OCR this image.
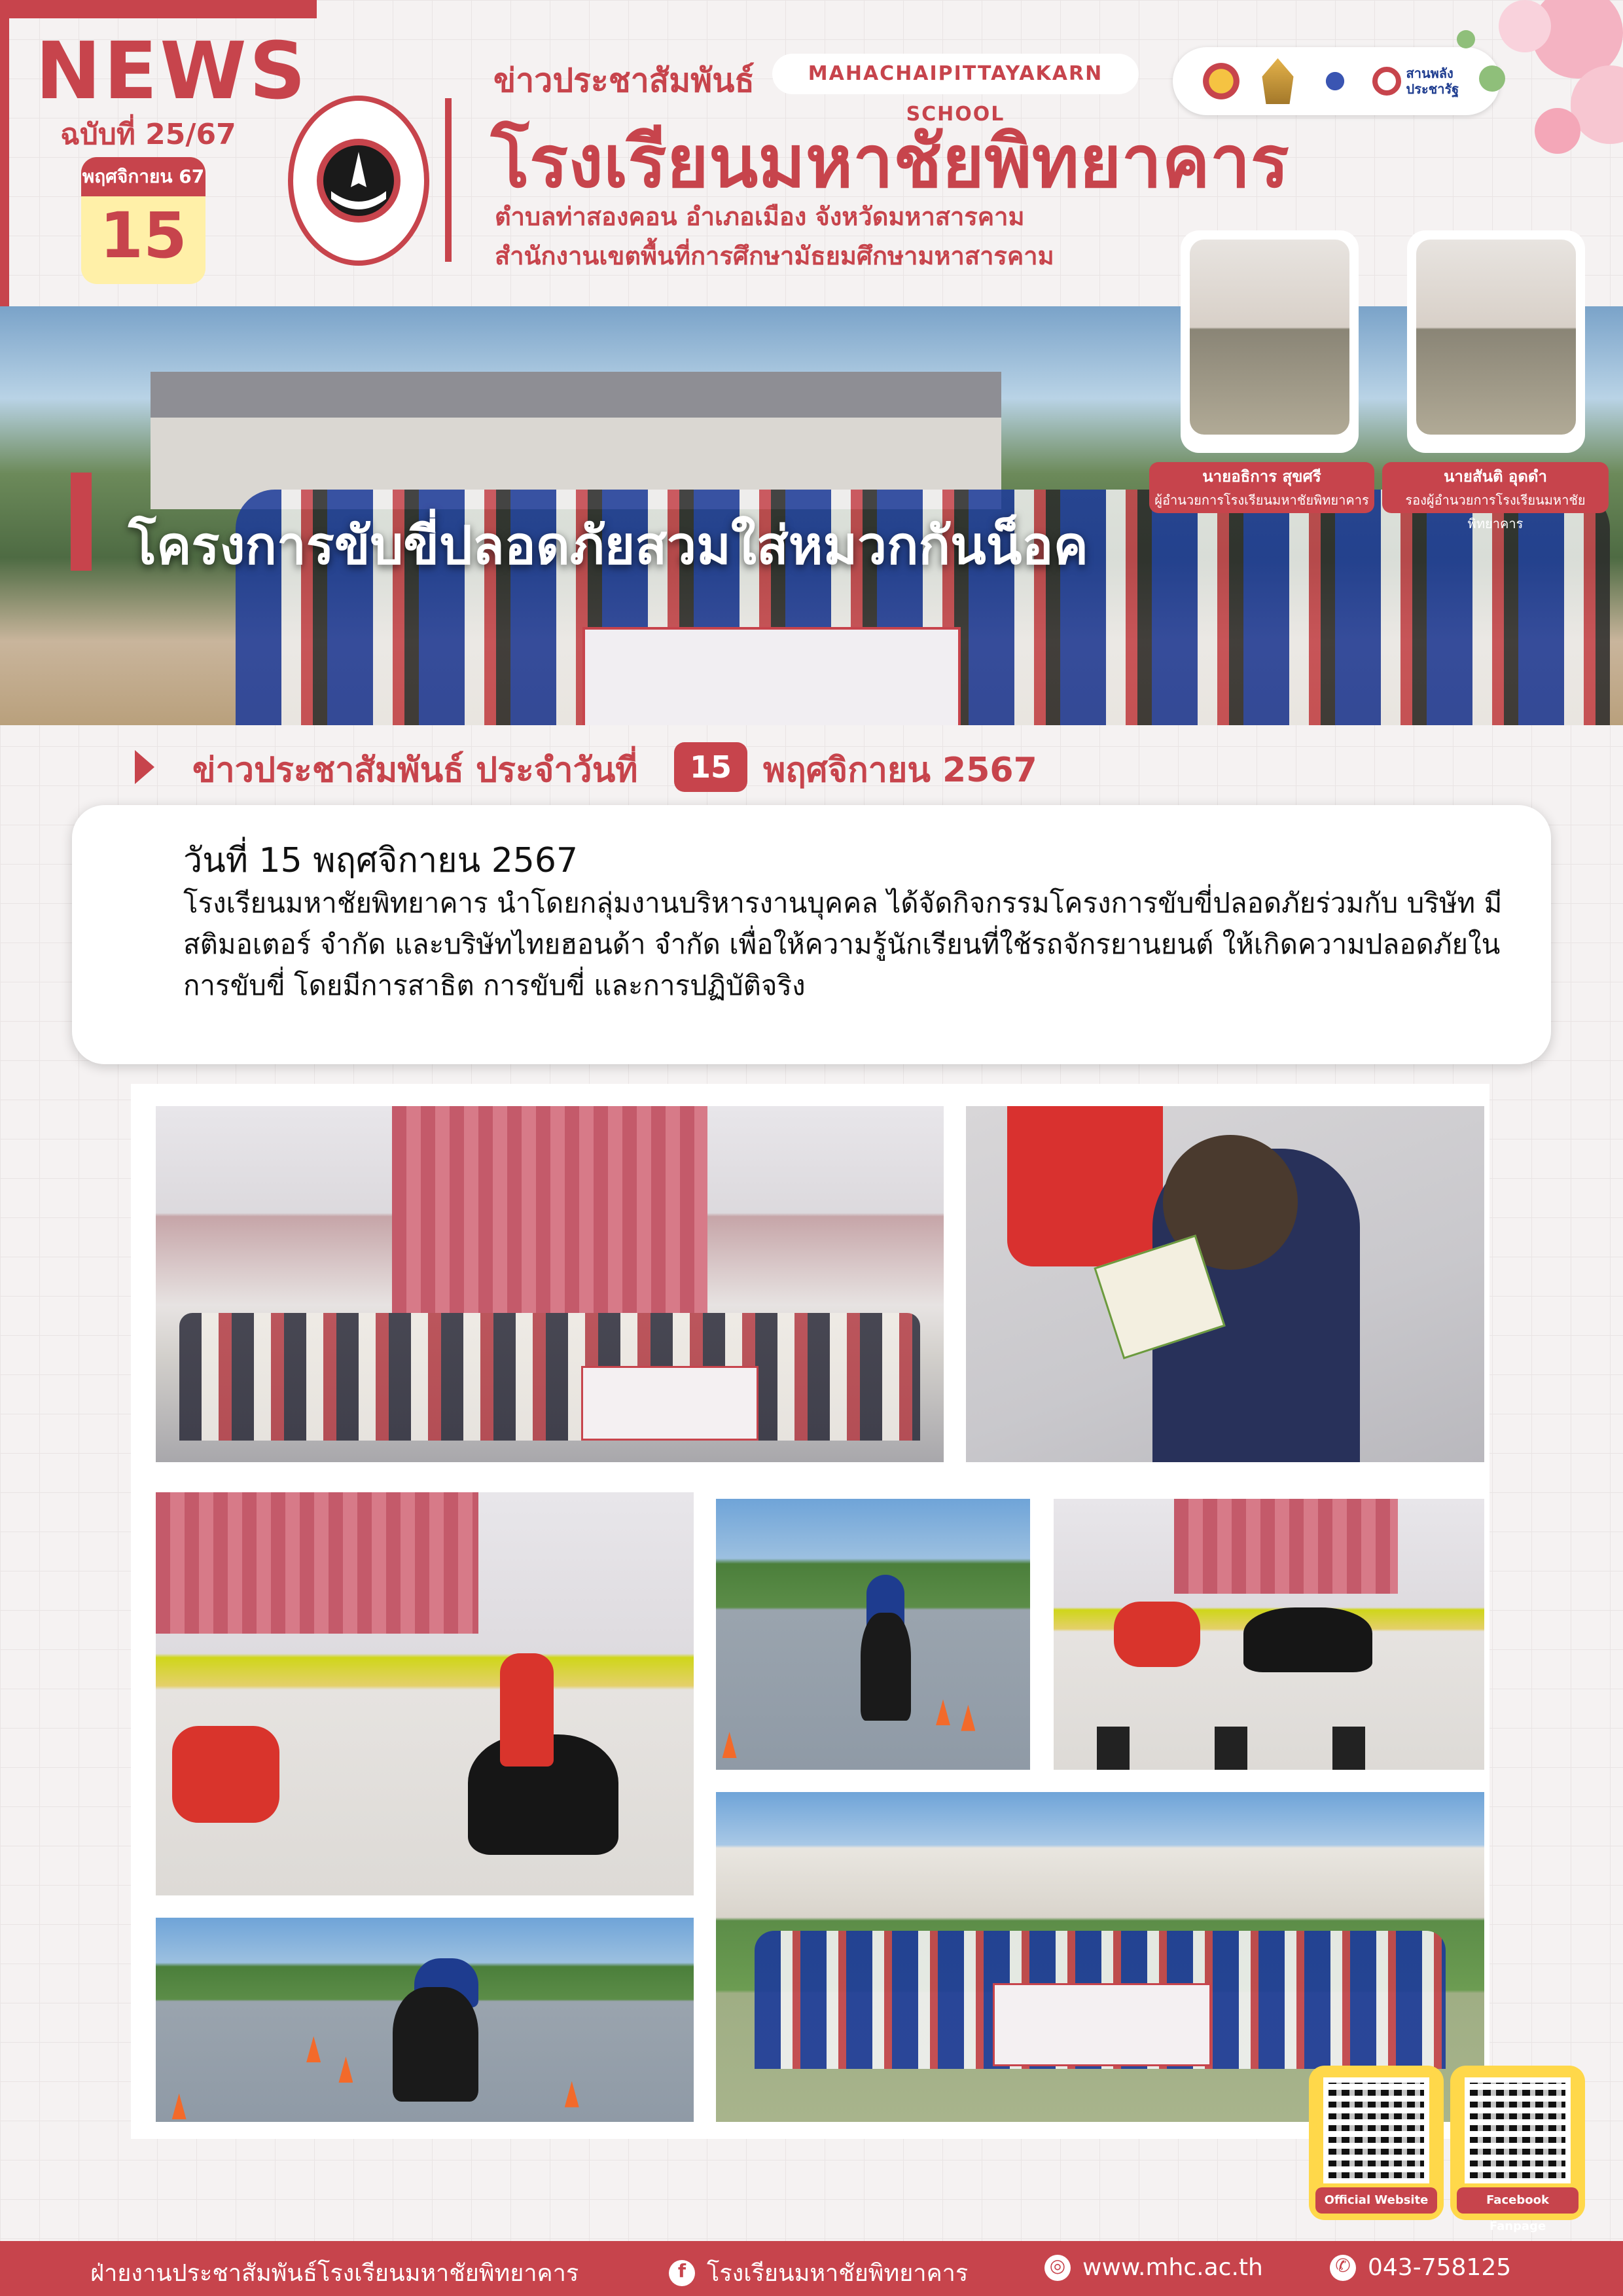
NEWS
ฉบับที่ 25/67
พฤศจิกายน 67
15
ข่าวประชาสัมพันธ์	MAHACHAIPITTAYAKARN SCHOOL
โรงเรียนมหาชัยพิทยาคาร
ตำบลท่าสองคอน อำเภอเมือง จังหวัดมหาสารคาม
สำนักงานเขตพื้นที่การศึกษามัธยมศึกษามหาสารคาม
สานพลัง ประชารัฐ
โครงการขับขี่ปลอดภัยสวมใส่หมวกกันน็อค
นายอธิการ สุขศรี
ผู้อำนวยการโรงเรียนมหาชัยพิทยาคาร
นายสันติ อุดดำ
รองผู้อำนวยการโรงเรียนมหาชัยพิทยาคาร
ข่าวประชาสัมพันธ์ ประจำวันที่	15 พฤศจิกายน 2567
วันที่ 15 พฤศจิกายน 2567
โรงเรียนมหาชัยพิทยาคาร นำโดยกลุ่มงานบริหารงานบุคคล ได้จัดกิจกรรมโครงการขับขี่ปลอดภัยร่วมกับ บริษัท มีสติมอเตอร์ จำกัด และบริษัทไทยฮอนด้า จำกัด เพื่อให้ความรู้นักเรียนที่ใช้รถจักรยานยนต์ ให้เกิดความปลอดภัยในการขับขี่ โดยมีการสาธิต การขับขี่ และการปฏิบัติจริง
Official Website	Facebook Fanpage
ฝ่ายงานประชาสัมพันธ์โรงเรียนมหาชัยพิทยาคาร	f โรงเรียนมหาชัยพิทยาคาร	◎ www.mhc.ac.th	✆ 043-758125
